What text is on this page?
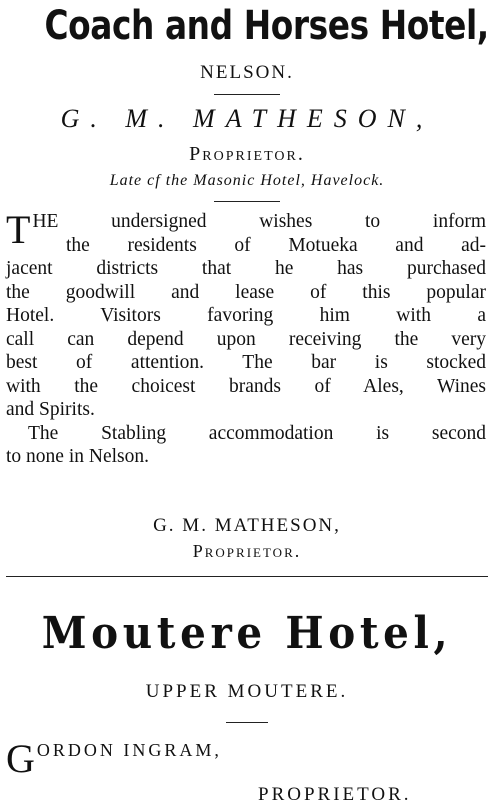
Coach and Horses Hotel,
NELSON.
G. M. MATHESON,
Proprietor.
Late cf the Masonic Hotel, Havelock.
T HE undersigned wishes to inform
the residents of Motueka and ad-
jacent districts that he has purchased
the goodwill and lease of this popular
Hotel. Visitors favoring him with a
call can depend upon receiving the very
best of attention. The bar is stocked
with the choicest brands of Ales, Wines
and Spirits.
The Stabling accommodation is second
to none in Nelson.
G. M. MATHESON,
Proprietor.
Moutere Hotel,
UPPER MOUTERE.
GORDON INGRAM,
PROPRIETOR.
